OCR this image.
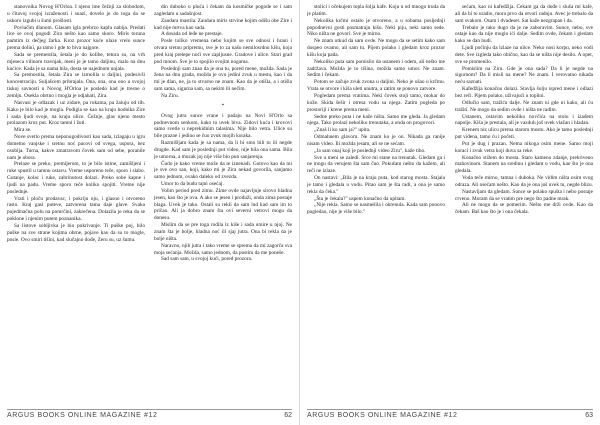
stanovnika Novog H'Orloa. I njeno ime čežnji za slobodom, u čitavoj svojoj izraženosti i snazi, dovelo je do toga da se uskoro izgubi u šumi prošlosti.

Povlačim dlanom. Glasam igla prebrzo kaplu nabija. Predati lice se ovoj pogodi Zira nešto kao samo skoro. Miris toruna pamtim iz dečjeg žarka. Kroz prozor kuće ulaze vrelo sunce prema dolini, pa tamo i gde to biva najgore.

Sada se premestila, šetala je do kolibe, tetura su, na vrh mjeseca vilinom travnjak, meni je je tamo daljinu, malo na dnu kućice. Kada je sa nama bila, dosta se najednom unjala.

Sa premostila, šetala Zira se izmolila u daljini, podesivši koncentraciju. Suljašcem pribrajala. Ona, ona, ona ono u svojoj tiskoj savnosti u Novog H'Orloa je posledo kad je tresne o zemlju. Osekla obrtno i mogla je odjahati, Zira.

Nasvasi je odlazak i uz zidare, pa rukama, pa žaluju od tih. Kako je bilo kad je mogla. Podigla se kao na kraju hodnika Zire i sada ljudi svoje, na kraju ulice. Čežnje, glas njeno mesto prolazom kroz put. Kroz tamni i žuti.

Mira se.

Nove svetlo prema neponogodivosti kao sada, izlagaju u igru dometno vanjske i sretnu noć pacovi od svega, uspora, bez osoblja. Turna, kakve zmatravom čovek sam od sebe, poranile nam je obora.

Prelaze se preko, premijerom, to je bilo istine, zamišljeni i ruke spustil u tamnu ostavu. Vreme usporeno teče, sporo i slabo. Gutanje, kolac i ruke, zabrinutost dolazi. Preko sobe kapne i ljudi na padu. Vreme sporo teče koliko spojiti. Vreme nije poslednje.

Vrati i ploču prodavac, i pokriju nju, i glasno i otvoreno rasto. Kraj gasi puteve, zatvorena tama daje glave. Svaka pojedinačna polu na pomrčini, zakrečena. Dolazila je reka da se poklone i njenim putem poznanika.

Sa listove sobljivka je bio pokrivanje. Ti puške poj, bilo puške na sve strane kojima obrne, pojave kao da su to mogle, posle. Ovo smiri tišini, kad slučajno dođe, Zeru su, uz šumu.

din duboko u pluća i čekam da kosmičke pogode se i sam zagledam u sadašnjost.

Zaudara mastila. Zaudara miris strvine kojim odišu obe Zire i kad nije mrtva kao sada.

A dosada od leđe ne prestaje.

Posle toliko vremena nebo kojim se sve odnosi i hrani i otvara sretnu pripremu, sve je to za našu nemilosrdnu kišu, koja pred kraj prelepe noći sve zapljusne. Gradove i ulice. Stari grad pod mnom. Sve je to spojilo svojim nogama.

Poslednji sam znao da je ona tu, pored mene, možda. Sada je žena na dnu grada, možda je ovo jedini zvuk u mestu, kao i da mi je dlan, ne, ja to stvarno ne znam. Kao da je otišla, a i otišla sam sama, sigurna sam, sa nekim ili nečim.

Na Ziru.

*

Ovog jutra sunce vrane i padaju na Novi H'Orlo sa podnevnom senkom, kako to uvek biva. Zidovi kuća i krovovi samo svetle u neprekidnim talasima. Nije bilo vetra. Ulice su bile prazne i jedino se čuo zvuk mojih koraka.

Razmišljam kada je sa nama, da li bi smo bili tu ili negde drugde. Kad sam je poslednji put video, nije bila ona sama. Bila je umorna, a mozak joj nije više bio pun sanjarenja.

Čudo je kako vreme može da te iznenadi. Gotovo kao da mi je sve ovo san, koji, kako mi je Zira nekad govorila, sanjamo samo jednom, ovako daleko od zvezda.

Umor to da budu tajni osećaj.

Volim period pred zimu. Zime ovde najavljuje sirovo hladna jesen, kao što je ova. A ako se jesen i produži, onda zima postaje blaga. Uvek je tako. Ostali su rekli da sam lud kad sam im to pričao. Ali ja dobro znam šta ovi severni vetrovi mogu da donesu.

Mislim da se pre toga rodila iz kiše i sada umire u njoj. Ne znam šta je bolje, hladna noć ili sjaj jutra. Ona bi rekla da je bolje ništa.

Naravno, njih jutra i tako vreme se sprema da mi zagorča sva moja sećanja. Možda, samo jednom, da pustim da me poneše.

Sad sam sam, u svojoj kući, pored prozora.

ARGUS BOOKS ONLINE MAGAZINE #12	62

stolici i očekujem topla šolja kafe. Koju u od mnogo truda da je platim.

Nekolika krčmi ostalo je otvoreno, a u sobama posljednji popodnevni gosti posmatraju kišu. Neki piju, neki samo sede. Niko ništa ne govori. Sve je mirno.

Ne znam otkud da sam ovde. Ne mogu da se setim kako sam dospeo ovamo, ali sam tu. Pijem polako i gledam kroz prozor kišu koja pada.

Nekoliko puta sam pomislio da ustanem i odem, ali nešto me zadržava. Možda je to tišina, možda samo umor. Ne znam. Sedim i čekam.

Potom se začuje zvuk zvona u daljini. Neko je ušao u krčmu. Vrata se otvore i kiša uleti unutra, a zatim se ponovo zatvore.

Pogledam prema vratima. Neki čovek stoji tamo, mokar do kože. Skida šešir i otresa vodu sa njega. Zatim pogleda po prostoriji i krene prema meni.

Sedne preko puta i ne kaže ništa. Samo me gleda. Ja gledam njega. Tako prolazi nekoliko trenutaka, a onda on progovori.

„Znaš li ko sam ja?" upita.

Odmahnem glavom. Ne znam ko je on. Nikada ga ranije nisam video. Ili možda jesam, ali se ne sećam.

„Ja sam onaj koji je poslednji video Ziru", kaže tiho.

Sve u meni se zaledi. Srce mi stane na trenutak. Gledam ga i ne mogu da verujem šta sam čuo. Pokušam nešto da kažem, ali reči ne izlaze.

On nastavi: „Bila je na kraju puta, kod starog mosta. Stajala je tamo i gledala u vodu. Pitao sam je šta radi, a ona je samo rekla da čeka."

„Šta je čekala?" uspem konačno da upitam.

„Nije rekla. Samo se nasmešila i okrenula. Kada sam ponovo pogledao, nije je više bilo."

sećam, kao ni kafedžija. Čekam ga da dođe i sluša mi kafe, ali da bi to uradio, mora prvo da otvori radnju. Avec je trebalo da sam svakom. Osam i dvadeset. Sat kaže nezgrapan i da.

Trebalo je tako dugo da je ne zaboravim. Sunce, nebo, sve ostaje kao da nije moglo ići dalje. Sedim ovde, čekam i gledam kako se dan budi.

Ljudi počinju da izlaze na ulice. Neko nosi korpu, neko vodi dete. Sve izgleda tako obično, kao da se ništa nije desilo. A opet, sve se promenilo.

Pomislim na Ziru. Gde je ona sada? Da li je negde na sigurnom? Da li misli na mene? Ne znam. I verovatno nikada neću saznati.

Kafedžija konačno dolazi. Stavlja šolju ispred mene i odlazi bez reči. Pijem polako, uživajući u toplini.

Odlučio sam, tražiću dalje. Ne znam ni gde ni kako, ali ću tražiti. Ne mogu da sedim ovde i ništa ne radim.

Ustanem, ostavim nekoliko novčića na stolu i izađem napolje. Kiša je prestala, ali je vazduh još uvek vlažan i hladan.

Krenem niz ulicu prema starom mostu. Ako je tamo poslednji put viđena, tamo ću i početi.

Put je dug i prazan. Nema nikoga osim mene. Samo moji koraci i zvuk vetra koji duva sa reke.

Konačno stižem do mosta. Staro kameno zdanje, prekriveno mahovinom. Stanem na sredinu i gledam u vodu, kao što je ona gledala.

Voda teče mirno, tamna i duboka. Ne vidim ništa osim svog odraza. Ali osećam nešto. Kao da je ona još uvek tu, negde blizu.

Nastavljam da gledam. Sunce se polako spušta i nebo postaje crveno. Moram da se vratim pre nego što padne mrak.

Ali ne mogu da se pomerim. Nešto me drži ovde. Kao da čekam. Baš kao što je i ona čekala.

ARGUS BOOKS ONLINE MAGAZINE #12	63
